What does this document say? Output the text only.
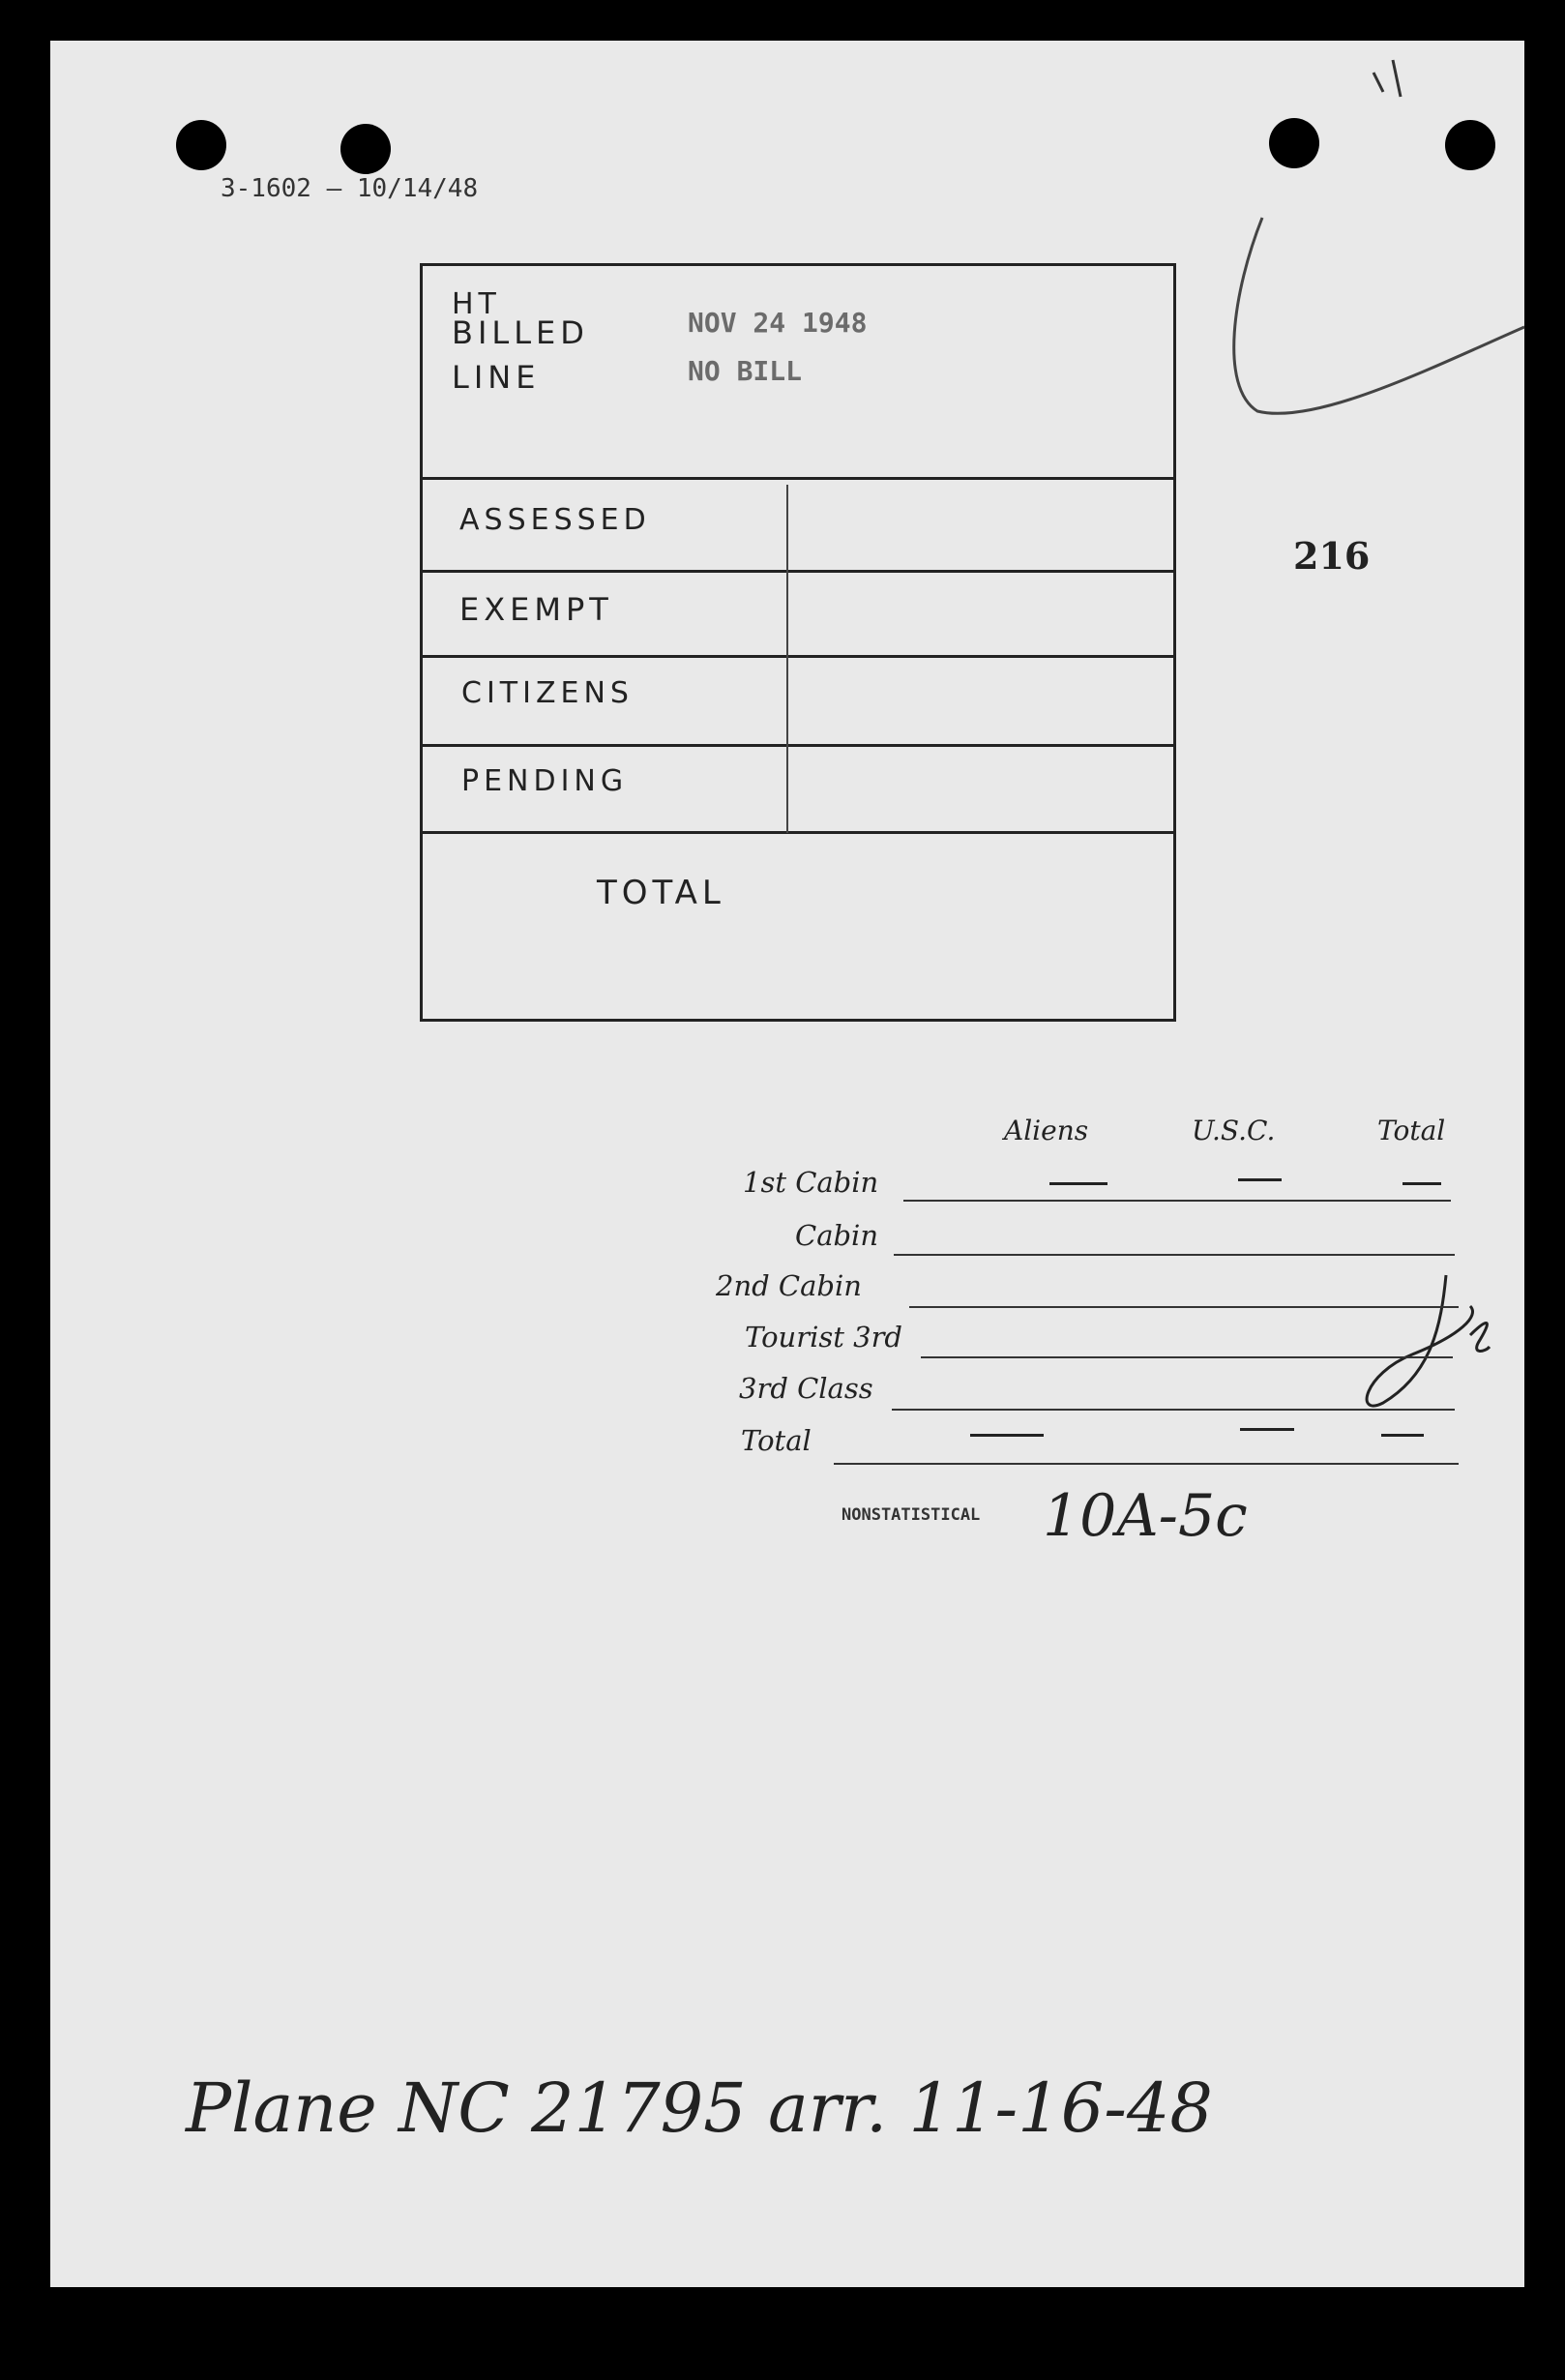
3-1602 — 10/14/48
HT
BILLED
LINE
NOV 24 1948
NO BILL
ASSESSED
EXEMPT
CITIZENS
PENDING
TOTAL
216
Aliens	U.S.C.	Total
1st Cabin
Cabin
2nd Cabin
Tourist 3rd
3rd Class
Total
NONSTATISTICAL 10A-5c
Plane NC 21795 arr. 11-16-48
